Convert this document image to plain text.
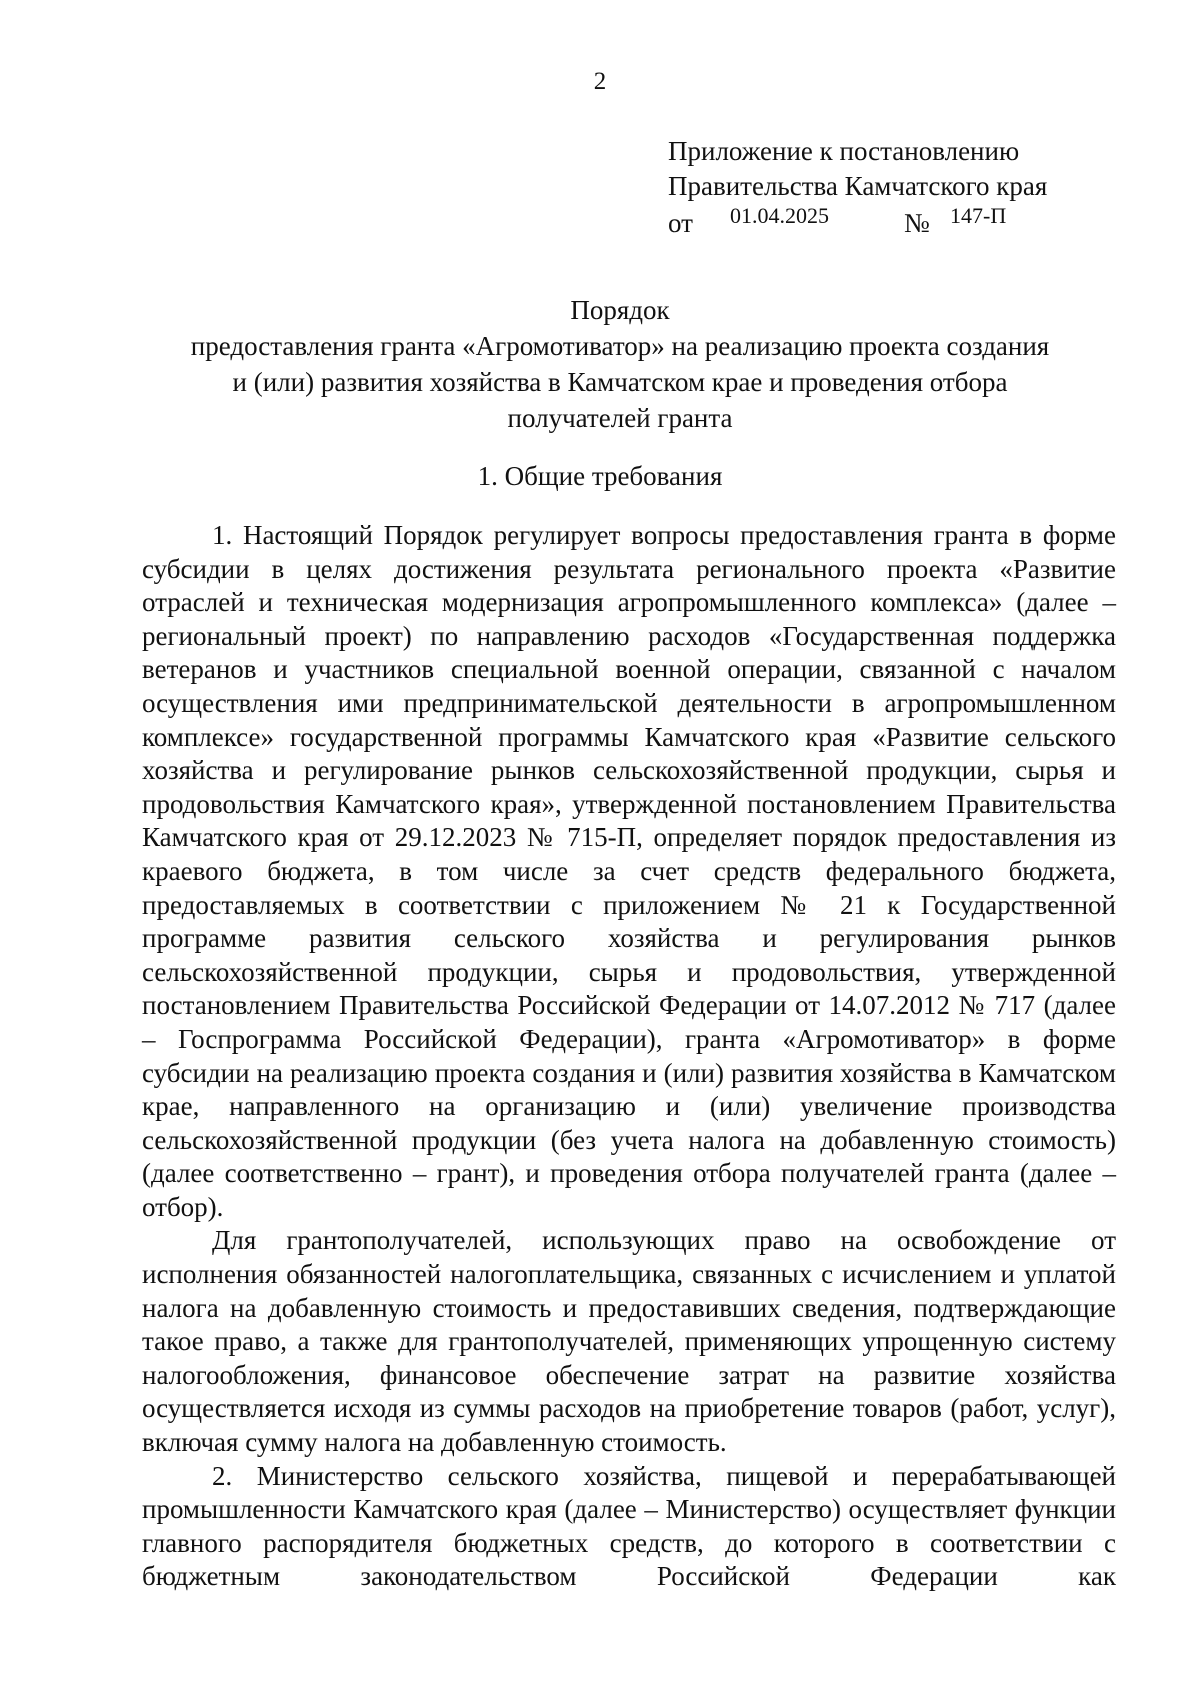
2
Приложение к постановлению
Правительства Камчатского края
от 01.04.2025	№ 147-П
Порядок
предоставления гранта «Агромотиватор» на реализацию проекта создания
и (или) развития хозяйства в Камчатском крае и проведения отбора
получателей гранта
1. Общие требования

1. Настоящий Порядок регулирует вопросы предоставления гранта в форме субсидии в целях достижения результата регионального проекта «Развитие отраслей и техническая модернизация агропромышленного комплекса» (далее – региональный проект) по направлению расходов «Государственная поддержка ветеранов и участников специальной военной операции, связанной с началом осуществления ими предпринимательской деятельности в агропромышленном комплексе» государственной программы Камчатского края «Развитие сельского хозяйства и регулирование рынков сельскохозяйственной продукции, сырья и продовольствия Камчатского края», утвержденной постановлением Правительства Камчатского края от 29.12.2023 № 715-П, определяет порядок предоставления из краевого бюджета, в том числе за счет средств федерального бюджета, предоставляемых в соответствии с приложением № 21 к Государственной программе развития сельского хозяйства и регулирования рынков сельскохозяйственной продукции, сырья и продовольствия, утвержденной постановлением Правительства Российской Федерации от 14.07.2012 № 717 (далее – Госпрограмма Российской Федерации), гранта «Агромотиватор» в форме субсидии на реализацию проекта создания и (или) развития хозяйства в Камчатском крае, направленного на организацию и (или) увеличение производства сельскохозяйственной продукции (без учета налога на добавленную стоимость) (далее соответственно – грант), и проведения отбора получателей гранта (далее – отбор).

Для грантополучателей, использующих право на освобождение от исполнения обязанностей налогоплательщика, связанных с исчислением и уплатой налога на добавленную стоимость и предоставивших сведения, подтверждающие такое право, а также для грантополучателей, применяющих упрощенную систему налогообложения, финансовое обеспечение затрат на развитие хозяйства осуществляется исходя из суммы расходов на приобретение товаров (работ, услуг), включая сумму налога на добавленную стоимость.

2. Министерство сельского хозяйства, пищевой и перерабатывающей промышленности Камчатского края (далее – Министерство) осуществляет функции главного распорядителя бюджетных средств, до которого в соответствии с бюджетным законодательством Российской Федерации как
